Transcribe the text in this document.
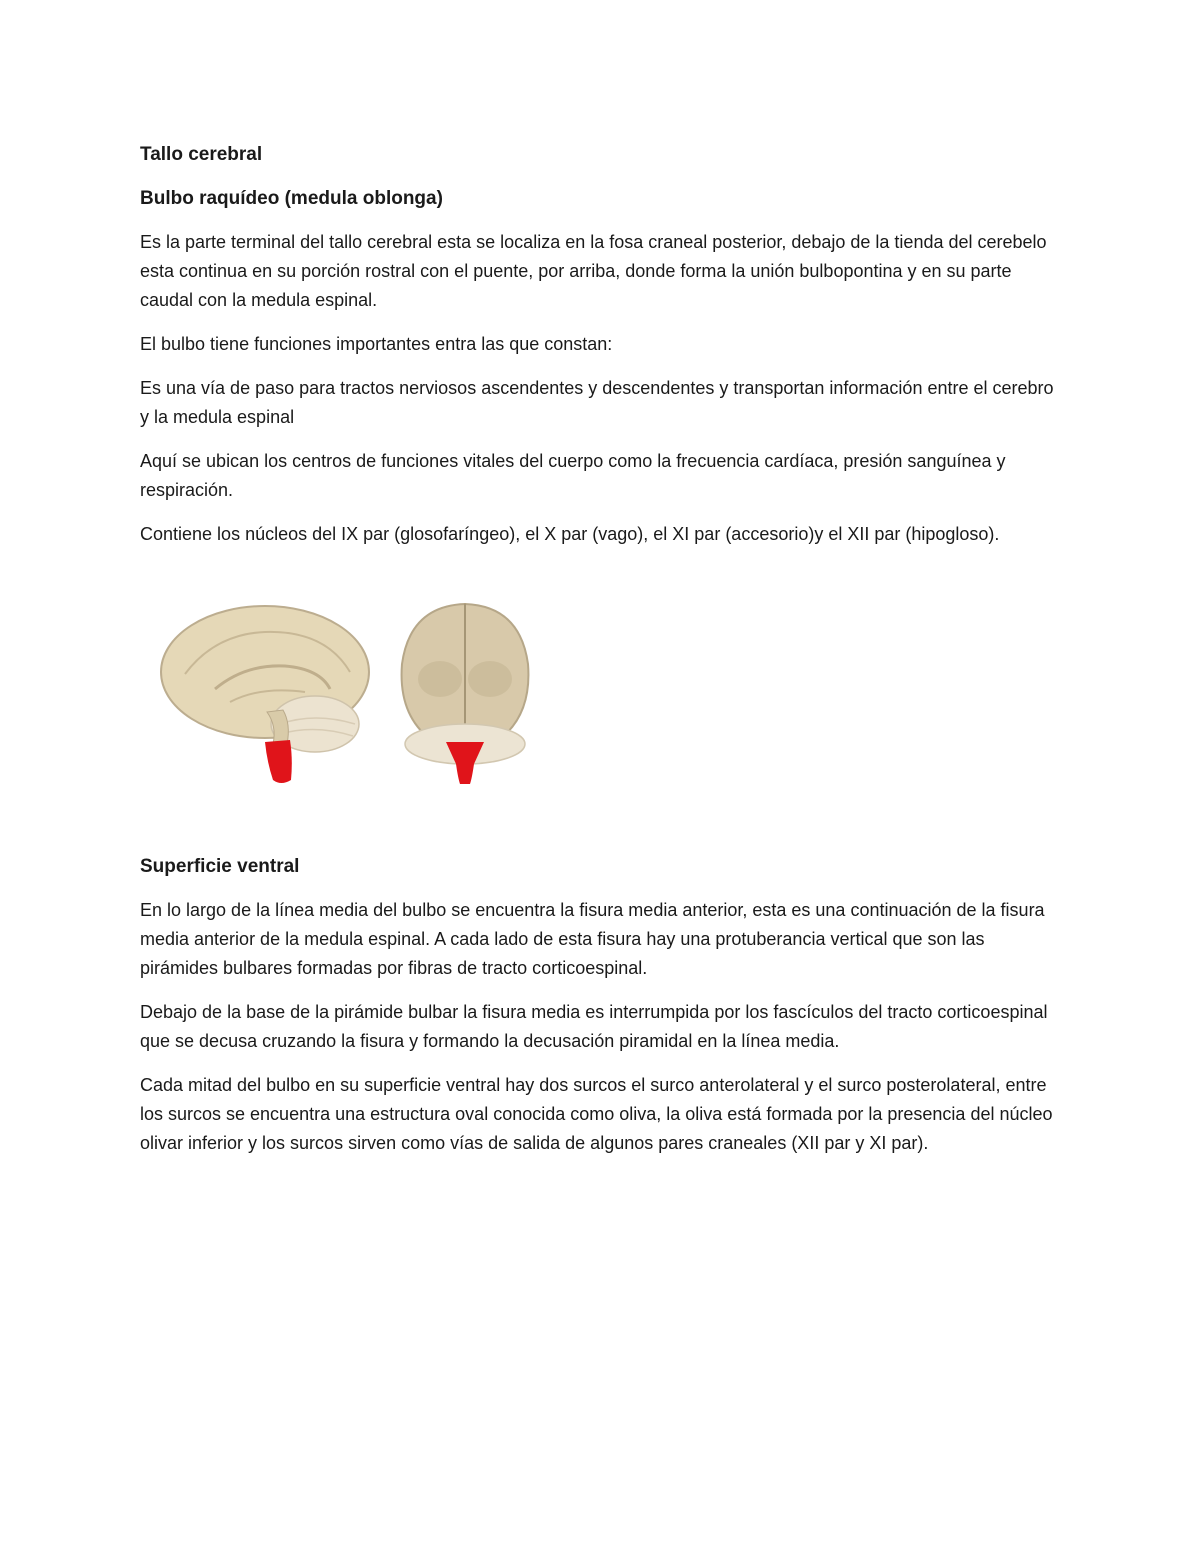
Tallo cerebral
Bulbo raquídeo (medula oblonga)

Es la parte terminal del tallo cerebral esta se localiza en la fosa craneal posterior, debajo de la tienda del cerebelo esta continua en su porción rostral con el puente, por arriba, donde forma la unión bulbopontina y en su parte caudal con la medula espinal.

El bulbo tiene funciones importantes entra las que constan:

Es una vía de paso para tractos nerviosos ascendentes y descendentes y transportan información entre el cerebro y la medula espinal

Aquí se ubican los centros de funciones vitales del cuerpo como la frecuencia cardíaca, presión sanguínea y respiración.

Contiene los núcleos del IX par (glosofaríngeo), el X par (vago), el XI par (accesorio)y el XII par (hipogloso).

Superficie ventral

En lo largo de la línea media del bulbo se encuentra la fisura media anterior, esta es una continuación de la fisura media anterior de la medula espinal. A cada lado de esta fisura hay una protuberancia vertical que son las pirámides bulbares formadas por fibras de tracto corticoespinal.

Debajo de la base de la pirámide bulbar la fisura media es interrumpida por los fascículos del tracto corticoespinal que se decusa cruzando la fisura y formando la decusación piramidal en la línea media.

Cada mitad del bulbo en su superficie ventral hay dos surcos el surco anterolateral y el surco posterolateral, entre los surcos se encuentra una estructura oval conocida como oliva, la oliva está formada por la presencia del núcleo olivar inferior y los surcos sirven como vías de salida de algunos pares craneales (XII par y XI par).
